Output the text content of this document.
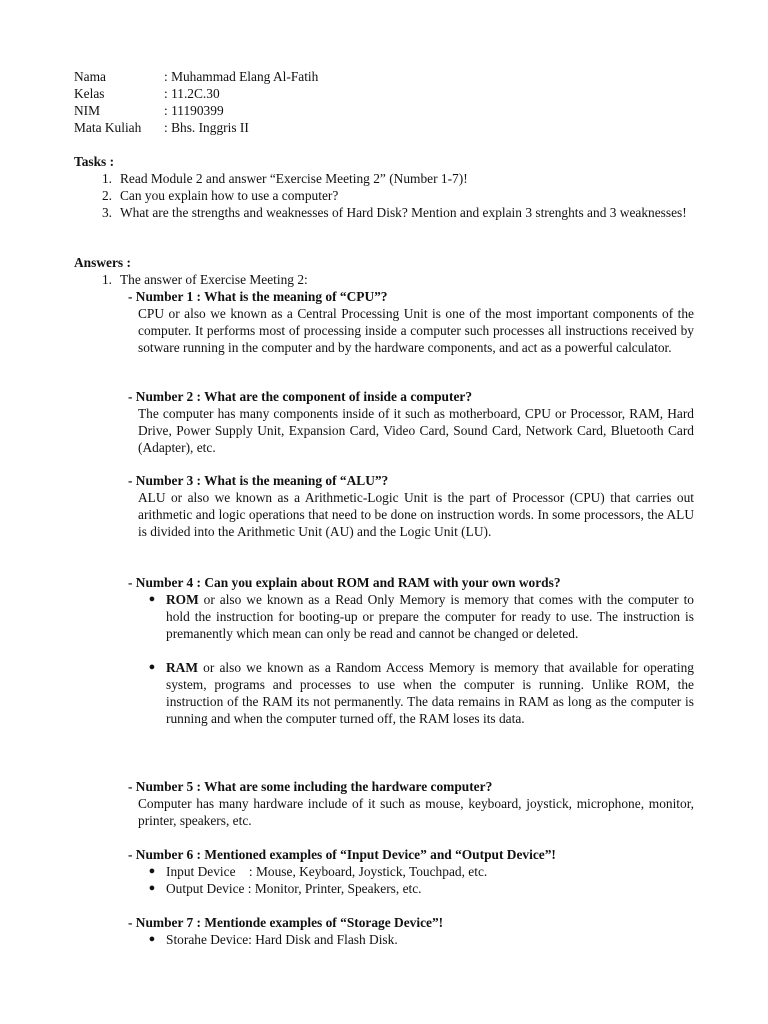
Nama	: Muhammad Elang Al-Fatih
Kelas	: 11.2C.30
NIM	: 11190399
Mata Kuliah	: Bhs. Inggris II
Tasks :
1. Read Module 2 and answer “Exercise Meeting 2” (Number 1-7)!
2. Can you explain how to use a computer?
3. What are the strengths and weaknesses of Hard Disk? Mention and explain 3 strenghts and 3 weaknesses!
Answers :
1. The answer of Exercise Meeting 2:
- Number 1 : What is the meaning of “CPU”?
CPU or also we known as a Central Processing Unit is one of the most important components of the computer. It performs most of processing inside a computer such processes all instructions received by sotware running in the computer and by the hardware components, and act as a powerful calculator.
- Number 2 : What are the component of inside a computer?
The computer has many components inside of it such as motherboard, CPU or Processor, RAM, Hard Drive, Power Supply Unit, Expansion Card, Video Card, Sound Card, Network Card, Bluetooth Card (Adapter), etc.
- Number 3 : What is the meaning of “ALU”?
ALU or also we known as a Arithmetic-Logic Unit is the part of Processor (CPU) that carries out arithmetic and logic operations that need to be done on instruction words. In some processors, the ALU is divided into the Arithmetic Unit (AU) and the Logic Unit (LU).
- Number 4 : Can you explain about ROM and RAM with your own words?
● ROM or also we known as a Read Only Memory is memory that comes with the computer to hold the instruction for booting-up or prepare the computer for ready to use. The instruction is premanently which mean can only be read and cannot be changed or deleted.
● RAM or also we known as a Random Access Memory is memory that available for operating system, programs and processes to use when the computer is running. Unlike ROM, the instruction of the RAM its not permanently. The data remains in RAM as long as the computer is running and when the computer turned off, the RAM loses its data.
- Number 5 : What are some including the hardware computer?
Computer has many hardware include of it such as mouse, keyboard, joystick, microphone, monitor, printer, speakers, etc.
- Number 6 : Mentioned examples of “Input Device” and “Output Device”!
● Input Device    : Mouse, Keyboard, Joystick, Touchpad, etc.
● Output Device : Monitor, Printer, Speakers, etc.
- Number 7 : Mentionde examples of “Storage Device”!
● Storahe Device: Hard Disk and Flash Disk.
